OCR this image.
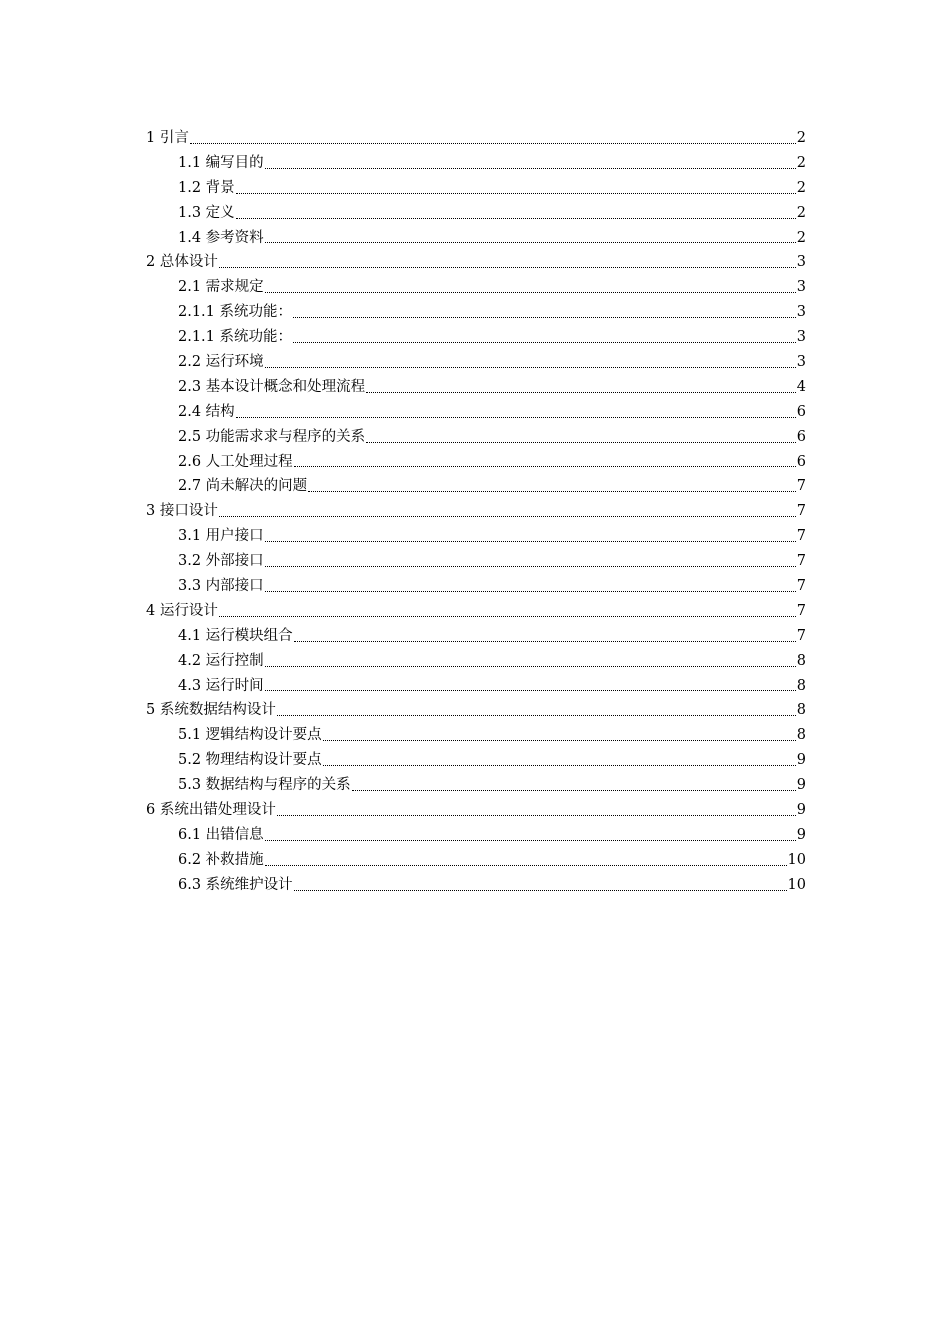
1 引言	2
1.1 编写目的	2
1.2 背景	2
1.3 定义	2
1.4 参考资料	2
2 总体设计	3
2.1 需求规定	3
2.1.1 系统功能：	3
2.1.1 系统功能：	3
2.2 运行环境	3
2.3 基本设计概念和处理流程	4
2.4 结构	6
2.5 功能需求求与程序的关系	6
2.6 人工处理过程	6
2.7 尚未解决的问题	7
3 接口设计	7
3.1 用户接口	7
3.2 外部接口	7
3.3 内部接口	7
4 运行设计	7
4.1 运行模块组合	7
4.2 运行控制	8
4.3 运行时间	8
5 系统数据结构设计	8
5.1 逻辑结构设计要点	8
5.2 物理结构设计要点	9
5.3 数据结构与程序的关系	9
6 系统出错处理设计	9
6.1 出错信息	9
6.2 补救措施	10
6.3 系统维护设计	10
